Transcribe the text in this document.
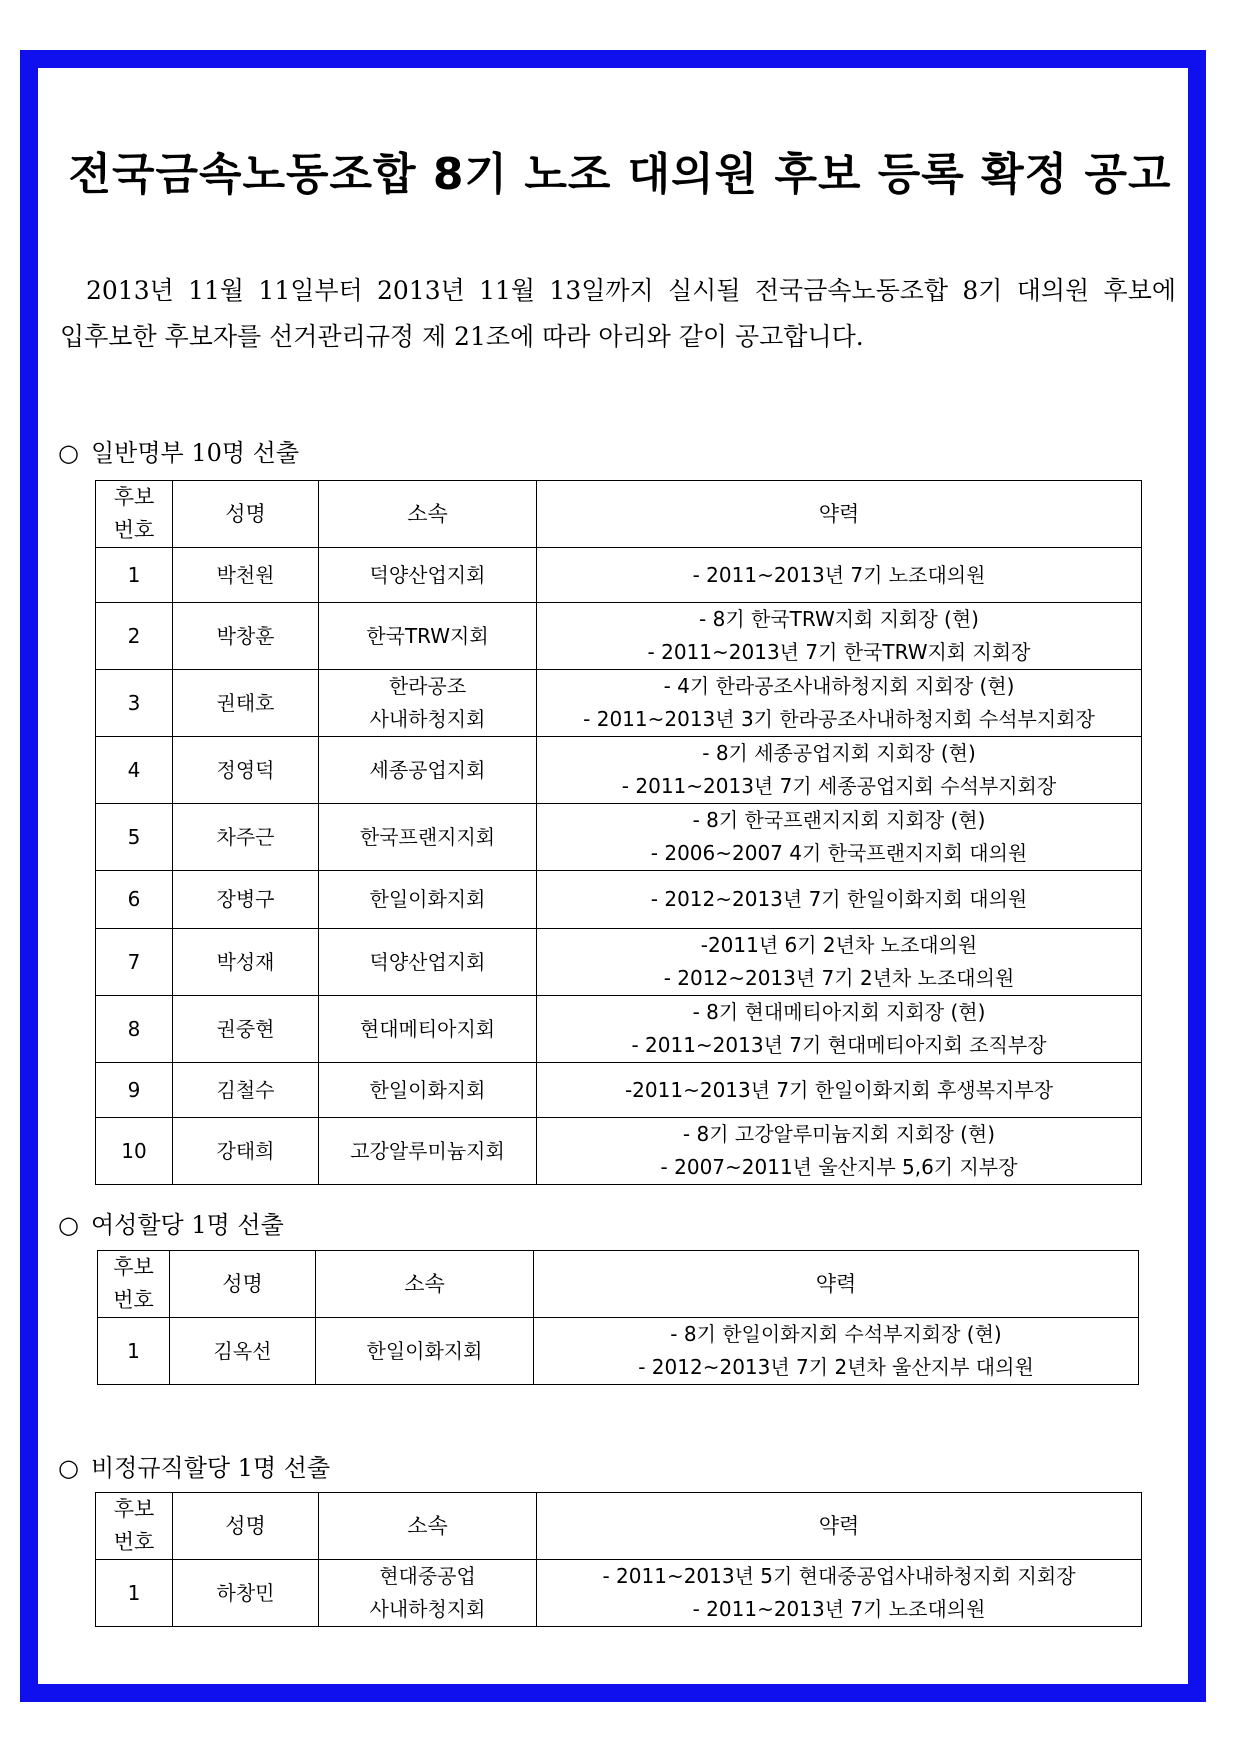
전국금속노동조합 8기 노조 대의원 후보 등록 확정 공고

2013년 11월 11일부터 2013년 11월 13일까지 실시될 전국금속노동조합 8기 대의원 후보에
입후보한 후보자를 선거관리규정 제 21조에 따라 아리와 같이 공고합니다.

○ 일반명부 10명 선출
후보
번호	성명	소속	약력
1	박천원	덕양산업지회	- 2011~2013년 7기 노조대의원

2	박창훈	한국TRW지회	- 8기 한국TRW지회 지회장 (현)
- 2011~2013년 7기 한국TRW지회 지회장

3	권태호	한라공조
사내하청지회	- 4기 한라공조사내하청지회 지회장 (현)
- 2011~2013년 3기 한라공조사내하청지회 수석부지회장

4	정영덕	세종공업지회	- 8기 세종공업지회 지회장 (현)
- 2011~2013년 7기 세종공업지회 수석부지회장

5	차주근	한국프랜지지회	- 8기 한국프랜지지회 지회장 (현)
- 2006~2007 4기 한국프랜지지회 대의원

6	장병구	한일이화지회	- 2012~2013년 7기 한일이화지회 대의원

7	박성재	덕양산업지회	-2011년 6기 2년차 노조대의원
- 2012~2013년 7기 2년차 노조대의원

8	권중현	현대메티아지회	- 8기 현대메티아지회 지회장 (현)
- 2011~2013년 7기 현대메티아지회 조직부장

9	김철수	한일이화지회	-2011~2013년 7기 한일이화지회 후생복지부장

10	강태희	고강알루미늄지회	- 8기 고강알루미늄지회 지회장 (현)
- 2007~2011년 울산지부 5,6기 지부장
○ 여성할당 1명 선출
후보
번호	성명	소속	약력
1	김옥선	한일이화지회	- 8기 한일이화지회 수석부지회장 (현)
- 2012~2013년 7기 2년차 울산지부 대의원
○ 비정규직할당 1명 선출
후보
번호	성명	소속	약력
1	하창민	현대중공업
사내하청지회	- 2011~2013년 5기 현대중공업사내하청지회 지회장
- 2011~2013년 7기 노조대의원
